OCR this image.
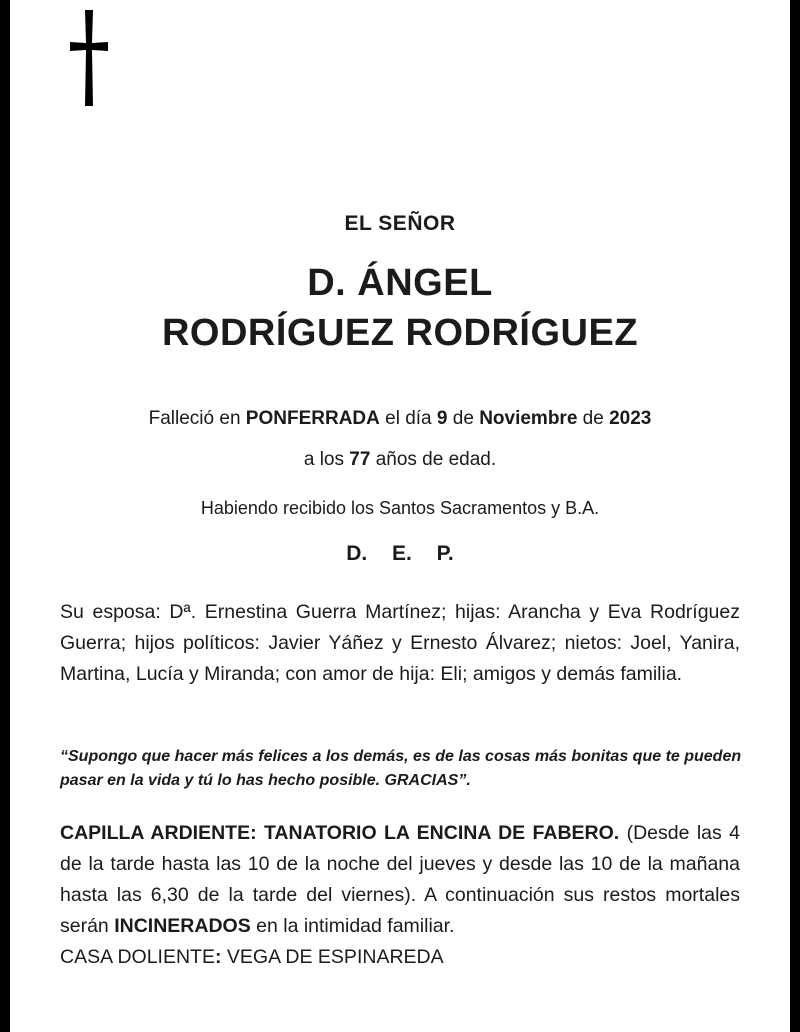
EL SEÑOR
D. ÁNGEL
RODRÍGUEZ RODRÍGUEZ
Falleció en PONFERRADA el día 9 de Noviembre de 2023
a los 77 años de edad.
Habiendo recibido los Santos Sacramentos y B.A.
D. E. P.
Su esposa: Dª. Ernestina Guerra Martínez; hijas: Arancha y Eva Rodríguez Guerra; hijos políticos: Javier Yáñez y Ernesto Álvarez; nietos: Joel, Yanira, Martina, Lucía y Miranda; con amor de hija: Eli; amigos y demás familia.
“Supongo que hacer más felices a los demás, es de las cosas más bonitas que te pueden pasar en la vida y tú lo has hecho posible. GRACIAS”.
CAPILLA ARDIENTE: TANATORIO LA ENCINA DE FABERO. (Desde las 4 de la tarde hasta las 10 de la noche del jueves y desde las 10 de la mañana hasta las 6,30 de la tarde del viernes). A continuación sus restos mortales serán INCINERADOS en la intimidad familiar.
CASA DOLIENTE: VEGA DE ESPINAREDA
